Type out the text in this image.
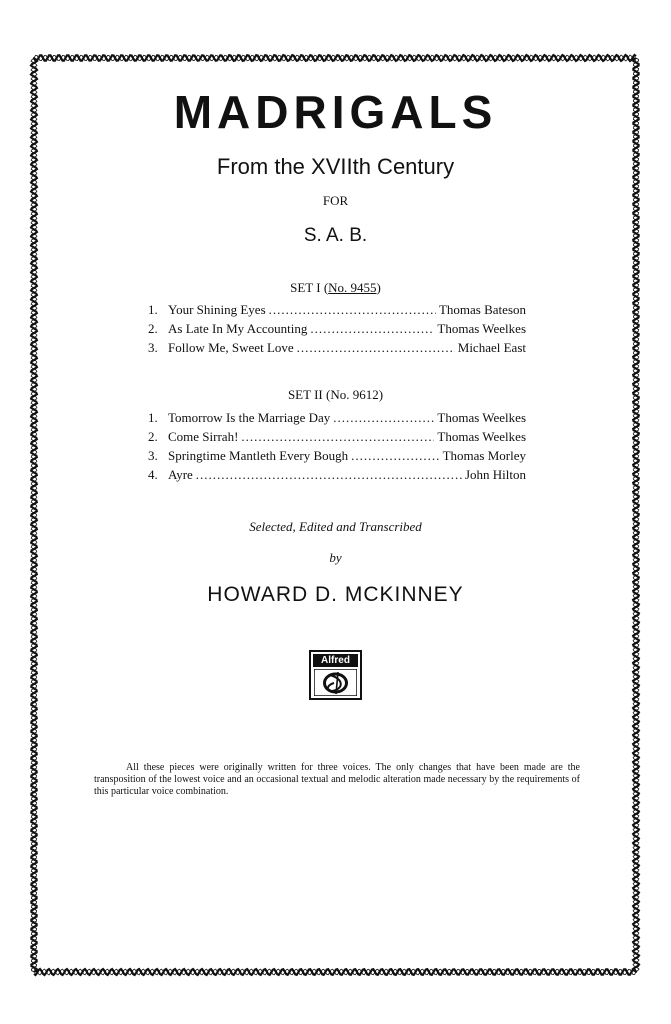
MADRIGALS
From the XVIIth Century
FOR
S. A. B.
SET I (No. 9455)
1. Your Shining Eyes .....	Thomas Bateson
2. As Late In My Accounting .....	Thomas Weelkes
3. Follow Me, Sweet Love .....	Michael East
SET II (No. 9612)
1. Tomorrow Is the Marriage Day .....	Thomas Weelkes
2. Come Sirrah! .....	Thomas Weelkes
3. Springtime Mantleth Every Bough .....	Thomas Morley
4. Ayre .....	John Hilton
Selected, Edited and Transcribed
by
HOWARD D. MCKINNEY
Alfred

All these pieces were originally written for three voices. The only changes that have been made are the transposition of the lowest voice and an occasional textual and melodic alteration made necessary by the requirements of this particular voice combination.
